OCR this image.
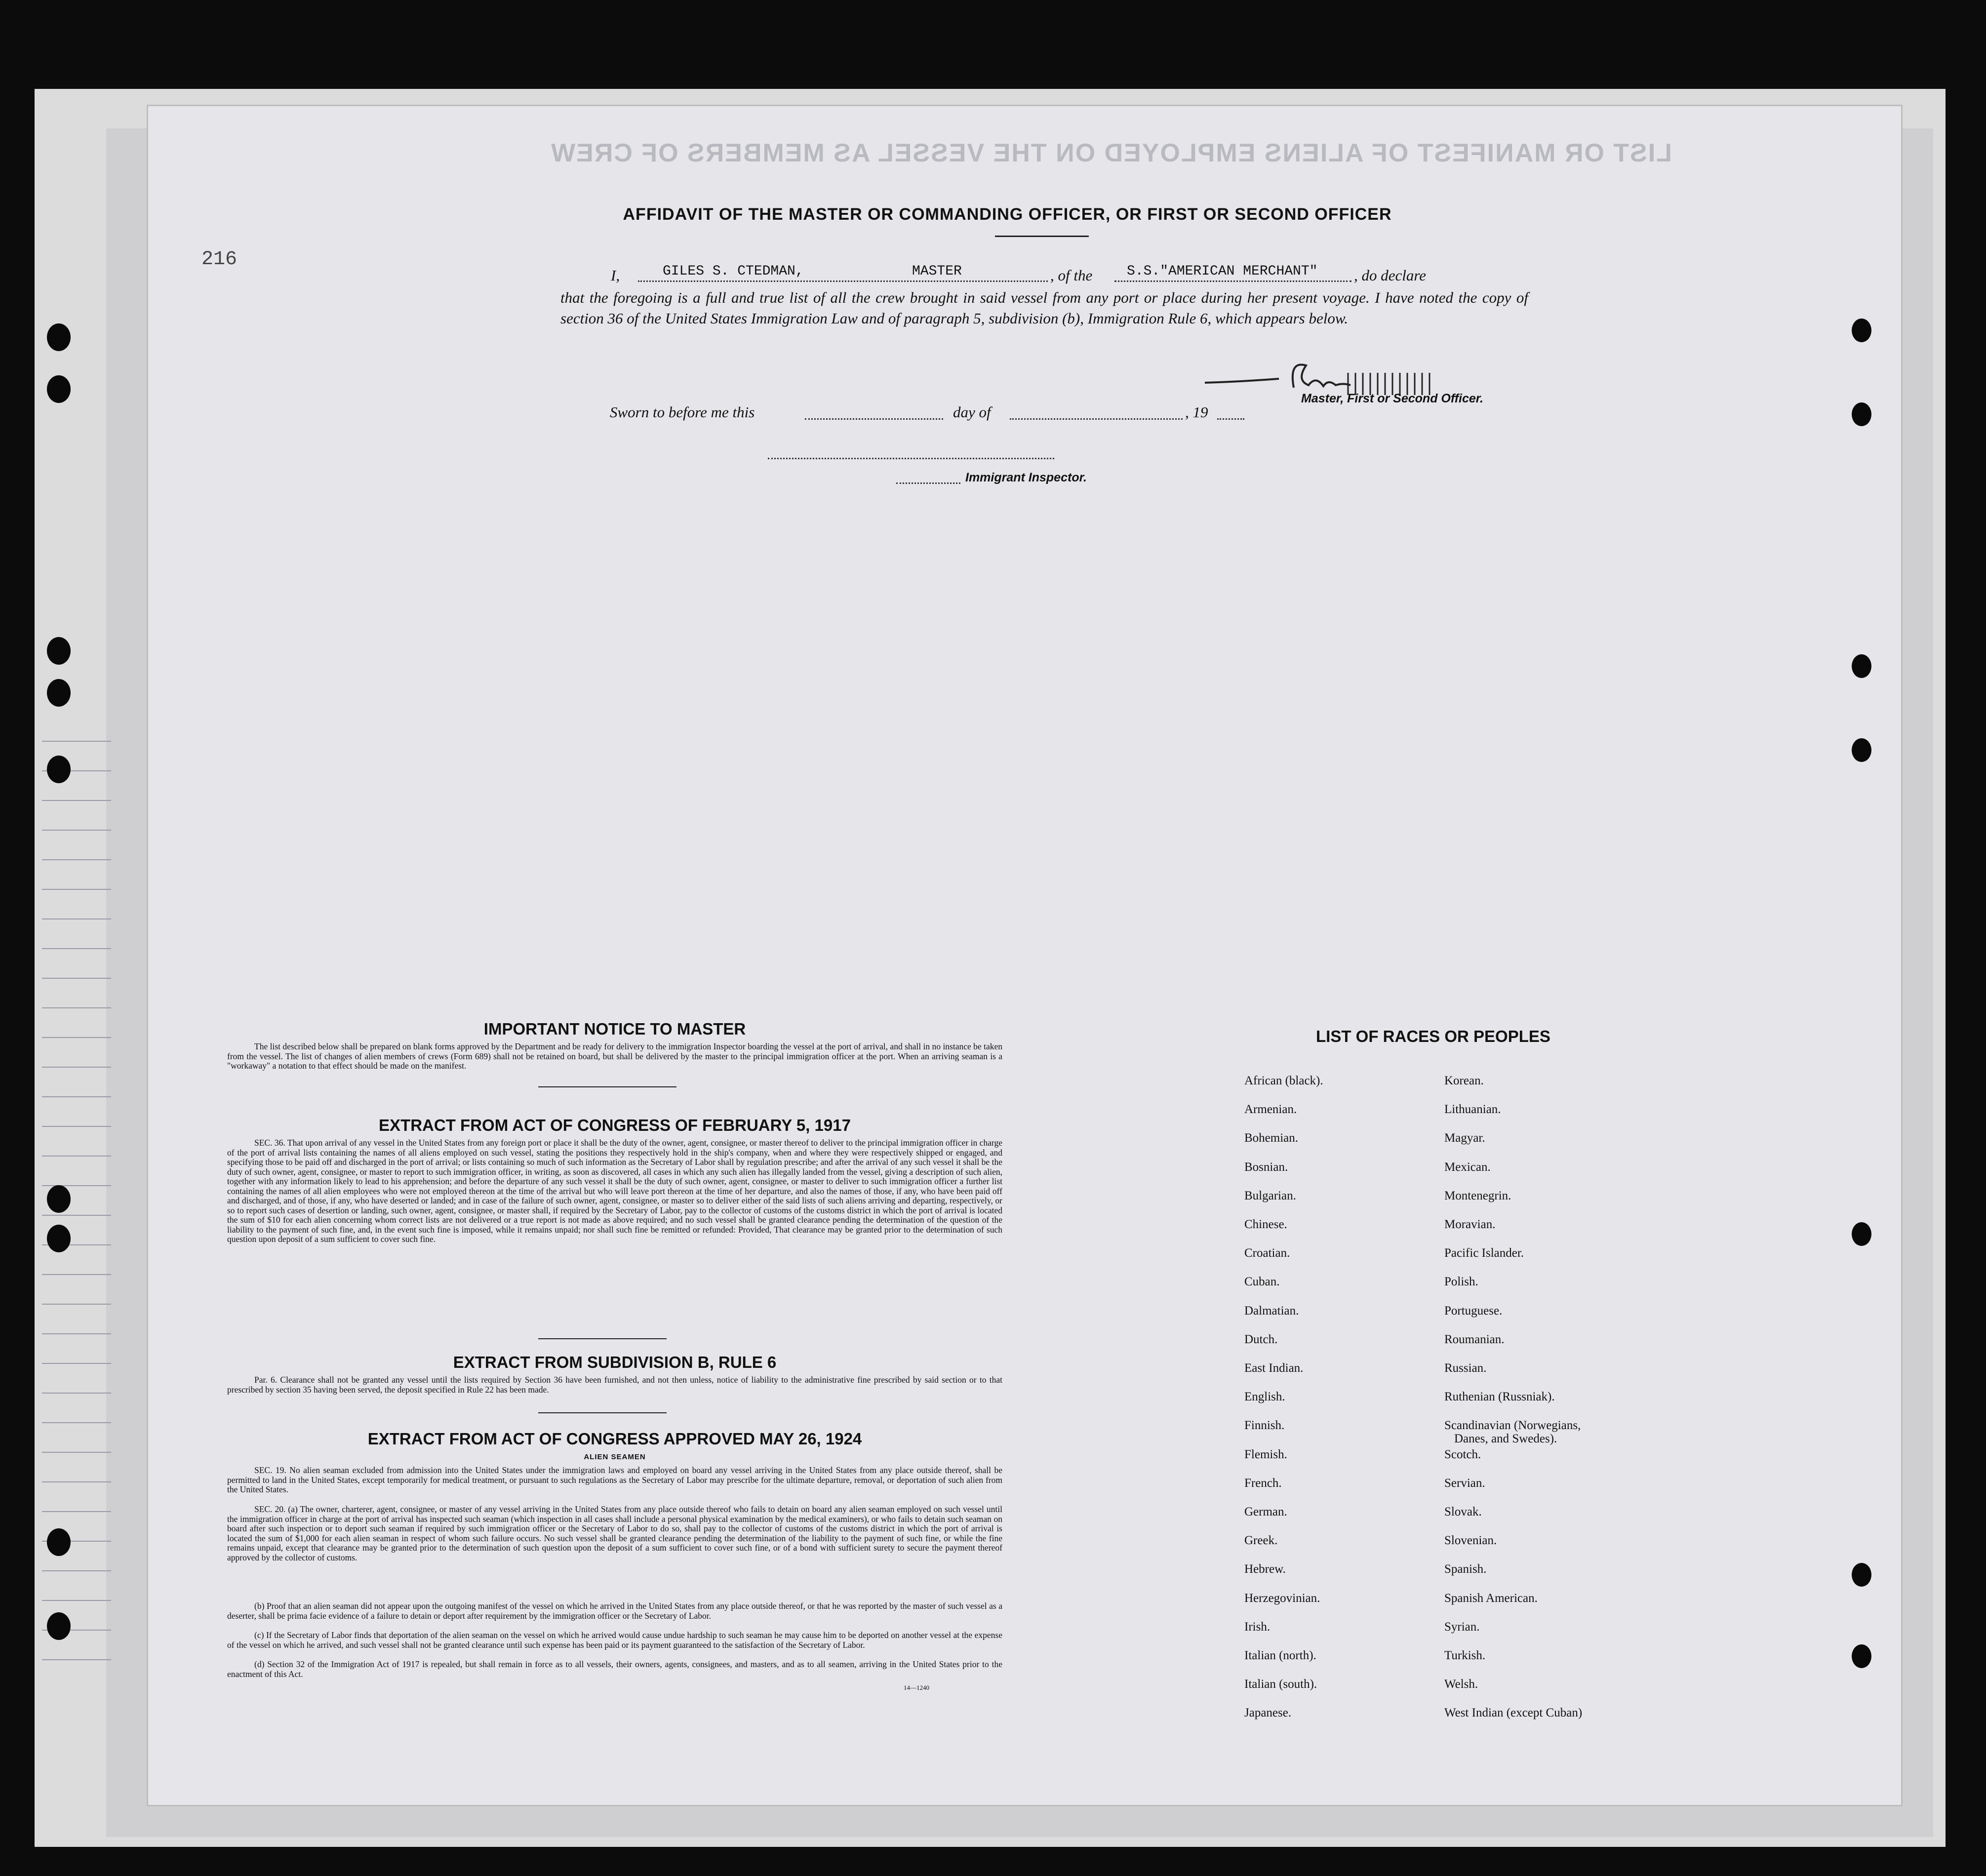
LIST OR MANIFEST OF ALIENS EMPLOYED ON THE VESSEL AS MEMBERS OF CREW
216
AFFIDAVIT OF THE MASTER OR COMMANDING OFFICER, OR FIRST OR SECOND OFFICER
I,	GILES S. CTEDMAN,	MASTER	, of the S.S."AMERICAN MERCHANT" , do declare
that the foregoing is a full and true list of all the crew brought in said vessel from any port or place during her present voyage. I have noted the copy of section 36 of the United States Immigration Law and of paragraph 5, subdivision (b), Immigration Rule 6, which appears below.
Master, First or Second Officer.
Sworn to before me this	day of	, 19
Immigrant Inspector.
IMPORTANT NOTICE TO MASTER
The list described below shall be prepared on blank forms approved by the Department and be ready for delivery to the immigration Inspector boarding the vessel at the port of arrival, and shall in no instance be taken from the vessel. The list of changes of alien members of crews (Form 689) shall not be retained on board, but shall be delivered by the master to the principal immigration officer at the port. When an arriving seaman is a "workaway" a notation to that effect should be made on the manifest.
EXTRACT FROM ACT OF CONGRESS OF FEBRUARY 5, 1917
SEC. 36. That upon arrival of any vessel in the United States from any foreign port or place it shall be the duty of the owner, agent, consignee, or master thereof to deliver to the principal immigration officer in charge of the port of arrival lists containing the names of all aliens employed on such vessel, stating the positions they respectively hold in the ship's company, when and where they were respectively shipped or engaged, and specifying those to be paid off and discharged in the port of arrival; or lists containing so much of such information as the Secretary of Labor shall by regulation prescribe; and after the arrival of any such vessel it shall be the duty of such owner, agent, consignee, or master to report to such immigration officer, in writing, as soon as discovered, all cases in which any such alien has illegally landed from the vessel, giving a description of such alien, together with any information likely to lead to his apprehension; and before the departure of any such vessel it shall be the duty of such owner, agent, consignee, or master to deliver to such immigration officer a further list containing the names of all alien employees who were not employed thereon at the time of the arrival but who will leave port thereon at the time of her departure, and also the names of those, if any, who have been paid off and discharged, and of those, if any, who have deserted or landed; and in case of the failure of such owner, agent, consignee, or master so to deliver either of the said lists of such aliens arriving and departing, respectively, or so to report such cases of desertion or landing, such owner, agent, consignee, or master shall, if required by the Secretary of Labor, pay to the collector of customs of the customs district in which the port of arrival is located the sum of $10 for each alien concerning whom correct lists are not delivered or a true report is not made as above required; and no such vessel shall be granted clearance pending the determination of the question of the liability to the payment of such fine, and, in the event such fine is imposed, while it remains unpaid; nor shall such fine be remitted or refunded: Provided, That clearance may be granted prior to the determination of such question upon deposit of a sum sufficient to cover such fine.
EXTRACT FROM SUBDIVISION B, RULE 6
Par. 6. Clearance shall not be granted any vessel until the lists required by Section 36 have been furnished, and not then unless, notice of liability to the administrative fine prescribed by said section or to that prescribed by section 35 having been served, the deposit specified in Rule 22 has been made.
EXTRACT FROM ACT OF CONGRESS APPROVED MAY 26, 1924
ALIEN SEAMEN
SEC. 19. No alien seaman excluded from admission into the United States under the immigration laws and employed on board any vessel arriving in the United States from any place outside thereof, shall be permitted to land in the United States, except temporarily for medical treatment, or pursuant to such regulations as the Secretary of Labor may prescribe for the ultimate departure, removal, or deportation of such alien from the United States.
SEC. 20. (a) The owner, charterer, agent, consignee, or master of any vessel arriving in the United States from any place outside thereof who fails to detain on board any alien seaman employed on such vessel until the immigration officer in charge at the port of arrival has inspected such seaman (which inspection in all cases shall include a personal physical examination by the medical examiners), or who fails to detain such seaman on board after such inspection or to deport such seaman if required by such immigration officer or the Secretary of Labor to do so, shall pay to the collector of customs of the customs district in which the port of arrival is located the sum of $1,000 for each alien seaman in respect of whom such failure occurs. No such vessel shall be granted clearance pending the determination of the liability to the payment of such fine, or while the fine remains unpaid, except that clearance may be granted prior to the determination of such question upon the deposit of a sum sufficient to cover such fine, or of a bond with sufficient surety to secure the payment thereof approved by the collector of customs.
(b) Proof that an alien seaman did not appear upon the outgoing manifest of the vessel on which he arrived in the United States from any place outside thereof, or that he was reported by the master of such vessel as a deserter, shall be prima facie evidence of a failure to detain or deport after requirement by the immigration officer or the Secretary of Labor.
(c) If the Secretary of Labor finds that deportation of the alien seaman on the vessel on which he arrived would cause undue hardship to such seaman he may cause him to be deported on another vessel at the expense of the vessel on which he arrived, and such vessel shall not be granted clearance until such expense has been paid or its payment guaranteed to the satisfaction of the Secretary of Labor.
(d) Section 32 of the Immigration Act of 1917 is repealed, but shall remain in force as to all vessels, their owners, agents, consignees, and masters, and as to all seamen, arriving in the United States prior to the enactment of this Act.
14—1240
LIST OF RACES OR PEOPLES
African (black).
Armenian.
Bohemian.
Bosnian.
Bulgarian.
Chinese.
Croatian.
Cuban.
Dalmatian.
Dutch.
East Indian.
English.
Finnish.
Flemish.
French.
German.
Greek.
Hebrew.
Herzegovinian.
Irish.
Italian (north).
Italian (south).
Japanese.
Korean.
Lithuanian.
Magyar.
Mexican.
Montenegrin.
Moravian.
Pacific Islander.
Polish.
Portuguese.
Roumanian.
Russian.
Ruthenian (Russniak).
Scandinavian (Norwegians,
Danes, and Swedes).
Scotch.
Servian.
Slovak.
Slovenian.
Spanish.
Spanish American.
Syrian.
Turkish.
Welsh.
West Indian (except Cuban)
